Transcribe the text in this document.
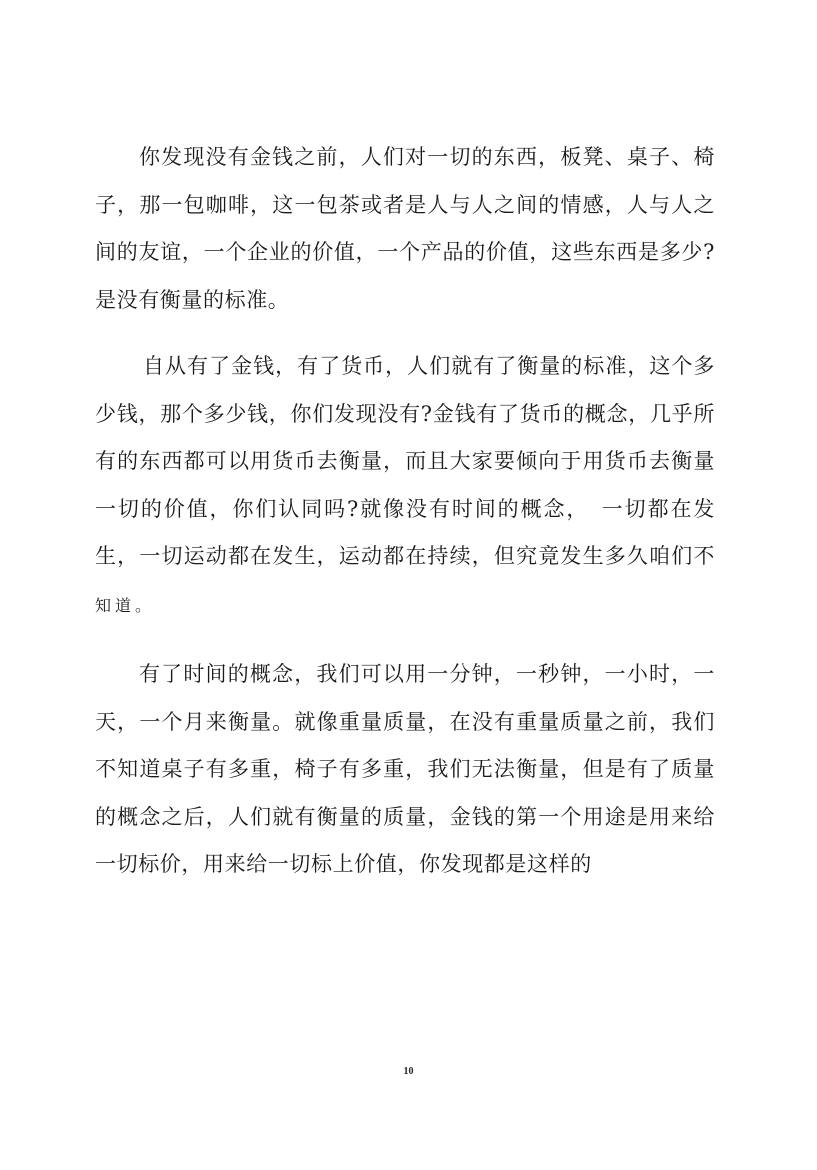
你发现没有金钱之前，人们对一切的东西，板凳、桌子、椅子，那一包咖啡，这一包茶或者是人与人之间的情感，人与人之间的友谊，一个企业的价值，一个产品的价值，这些东西是多少?是没有衡量的标准。

自从有了金钱，有了货币，人们就有了衡量的标准，这个多少钱，那个多少钱，你们发现没有?金钱有了货币的概念，几乎所有的东西都可以用货币去衡量，而且大家要倾向于用货币去衡量一切的价值，你们认同吗?就像没有时间的概念，　一切都在发生，一切运动都在发生，运动都在持续，但究竟发生多久咱们不知道。

有了时间的概念，我们可以用一分钟，一秒钟，一小时，一天，一个月来衡量。就像重量质量，在没有重量质量之前，我们不知道桌子有多重，椅子有多重，我们无法衡量，但是有了质量的概念之后，人们就有衡量的质量，金钱的第一个用途是用来给一切标价，用来给一切标上价值，你发现都是这样的

10
